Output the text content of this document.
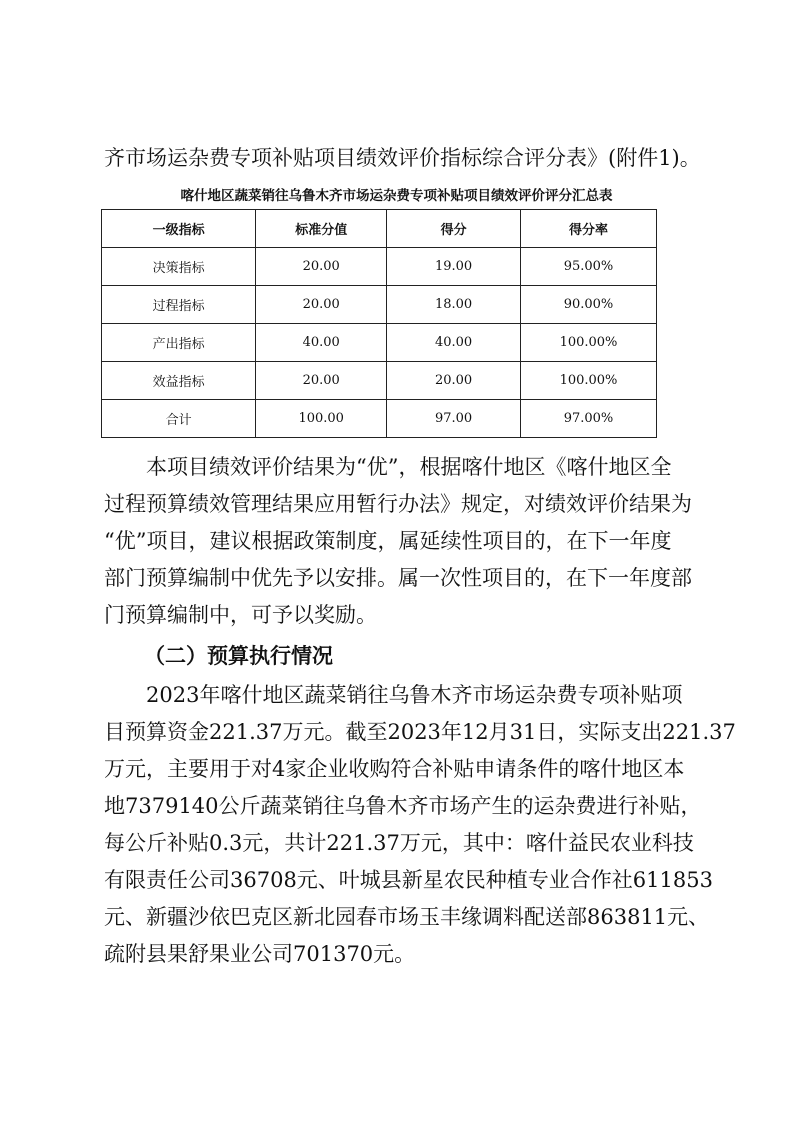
齐市场运杂费专项补贴项目绩效评价指标综合评分表》(附件1)。
喀什地区蔬菜销往乌鲁木齐市场运杂费专项补贴项目绩效评价评分汇总表
一级指标	标准分值	得分	得分率
决策指标	20.00	19.00	95.00%
过程指标	20.00	18.00	90.00%
产出指标	40.00	40.00	100.00%
效益指标	20.00	20.00	100.00%
合计	100.00	97.00	97.00%
本项目绩效评价结果为“优”，根据喀什地区《喀什地区全
过程预算绩效管理结果应用暂行办法》规定，对绩效评价结果为
“优”项目，建议根据政策制度，属延续性项目的，在下一年度
部门预算编制中优先予以安排。属一次性项目的，在下一年度部
门预算编制中，可予以奖励。
（二）预算执行情况
2023年喀什地区蔬菜销往乌鲁木齐市场运杂费专项补贴项
目预算资金221.37万元。截至2023年12月31日，实际支出221.37
万元，主要用于对4家企业收购符合补贴申请条件的喀什地区本
地7379140公斤蔬菜销往乌鲁木齐市场产生的运杂费进行补贴，
每公斤补贴0.3元，共计221.37万元，其中：喀什益民农业科技
有限责任公司36708元、叶城县新星农民种植专业合作社611853
元、新疆沙依巴克区新北园春市场玉丰缘调料配送部863811元、
疏附县果舒果业公司701370元。
